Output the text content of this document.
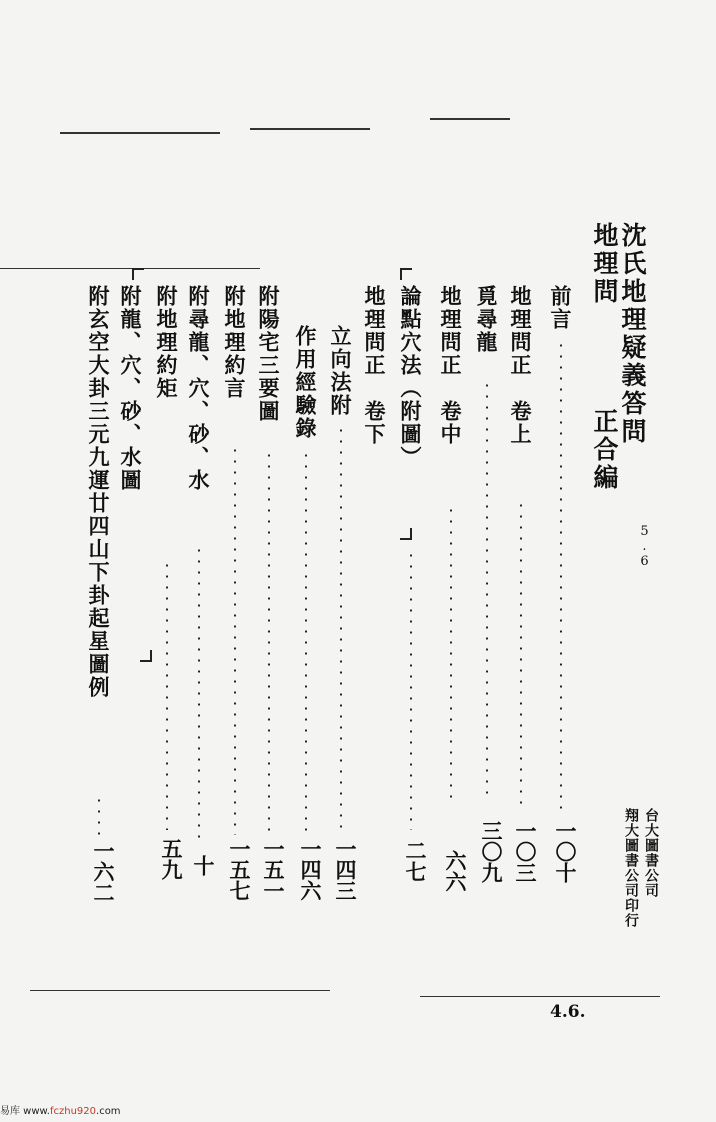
沈氏地理疑義答問
地理問
正合編
5.6
前言
一〇十
地理問正　卷上
一〇三
覓尋龍
三〇九
地理問正　卷中
六六
論點穴法（附圖）
二七
地理問正　卷下
立向法附
一四三
作用經驗錄
一四六
附陽宅三要圖
一五一
附地理約言
一五七
附尋龍、穴、砂、水
十
附地理約矩
五九
附龍、穴、砂、水圖
附玄空大卦三元九運廿四山下卦起星圖例
一六二	翔大圖書公司印行 台大圖書公司
4.6.
易库 www.fczhu920.com
